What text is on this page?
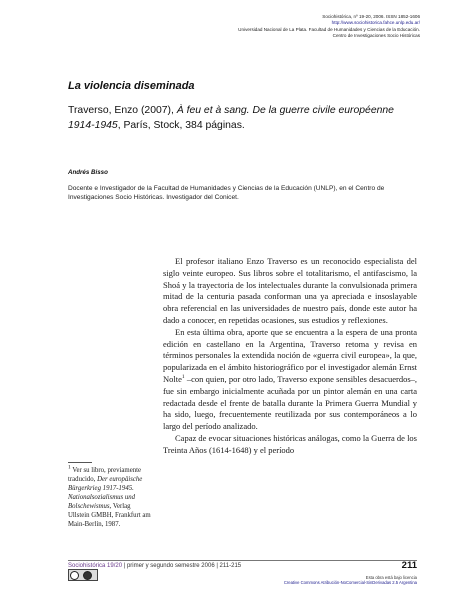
Sociohistórica, nº 19-20, 2006. ISSN 1852-1606
http://www.sociohistorica.fahce.unlp.edu.ar/
Universidad Nacional de La Plata. Facultad de Humanidades y Ciencias de la Educación.
Centro de Investigaciones Socio Históricas
La violencia diseminada
Traverso, Enzo (2007), À feu et à sang. De la guerre civile européenne 1914-1945, París, Stock, 384 páginas.
Andrés Bisso
Docente e Investigador de la Facultad de Humanidades y Ciencias de la Educación (UNLP), en el Centro de Investigaciones Socio Históricas. Investigador del Conicet.

El profesor italiano Enzo Traverso es un reconocido especialista del siglo veinte europeo. Sus libros sobre el totalitarismo, el antifascismo, la Shoá y la trayectoria de los intelectuales durante la convulsionada primera mitad de la centuria pasada conforman una ya apreciada e insoslayable obra referencial en las universidades de nuestro país, donde este autor ha dado a conocer, en repetidas ocasiones, sus estudios y reflexiones.

En esta última obra, aporte que se encuentra a la espera de una pronta edición en castellano en la Argentina, Traverso retoma y revisa en términos personales la extendida noción de «guerra civil europea», la que, popularizada en el ámbito historiográfico por el investigador alemán Ernst Nolte$^1$ –con quien, por otro lado, Traverso expone sensibles desacuerdos–, fue sin embargo inicialmente acuñada por un pintor alemán en una carta redactada desde el frente de batalla durante la Primera Guerra Mundial y ha sido, luego, frecuentemente reutilizada por sus contemporáneos a lo largo del período analizado.

Capaz de evocar situaciones históricas análogas, como la Guerra de los Treinta Años (1614-1648) y el período

$^1$ Ver su libro, previamente traducido, Der europäische Bürgerkrieg 1917-1945. Nationalsozialismus und Bolschewismus, Verlag Ullstein GMBH, Frankfurt am Main-Berlín, 1987.
Sociohistórica 19/20 | primer y segundo semestre 2006 | 211-215	211
Esta obra está bajo licencia
Creative Commons Atribución-NoComercial-SinDerivadas 2.5 Argentina
